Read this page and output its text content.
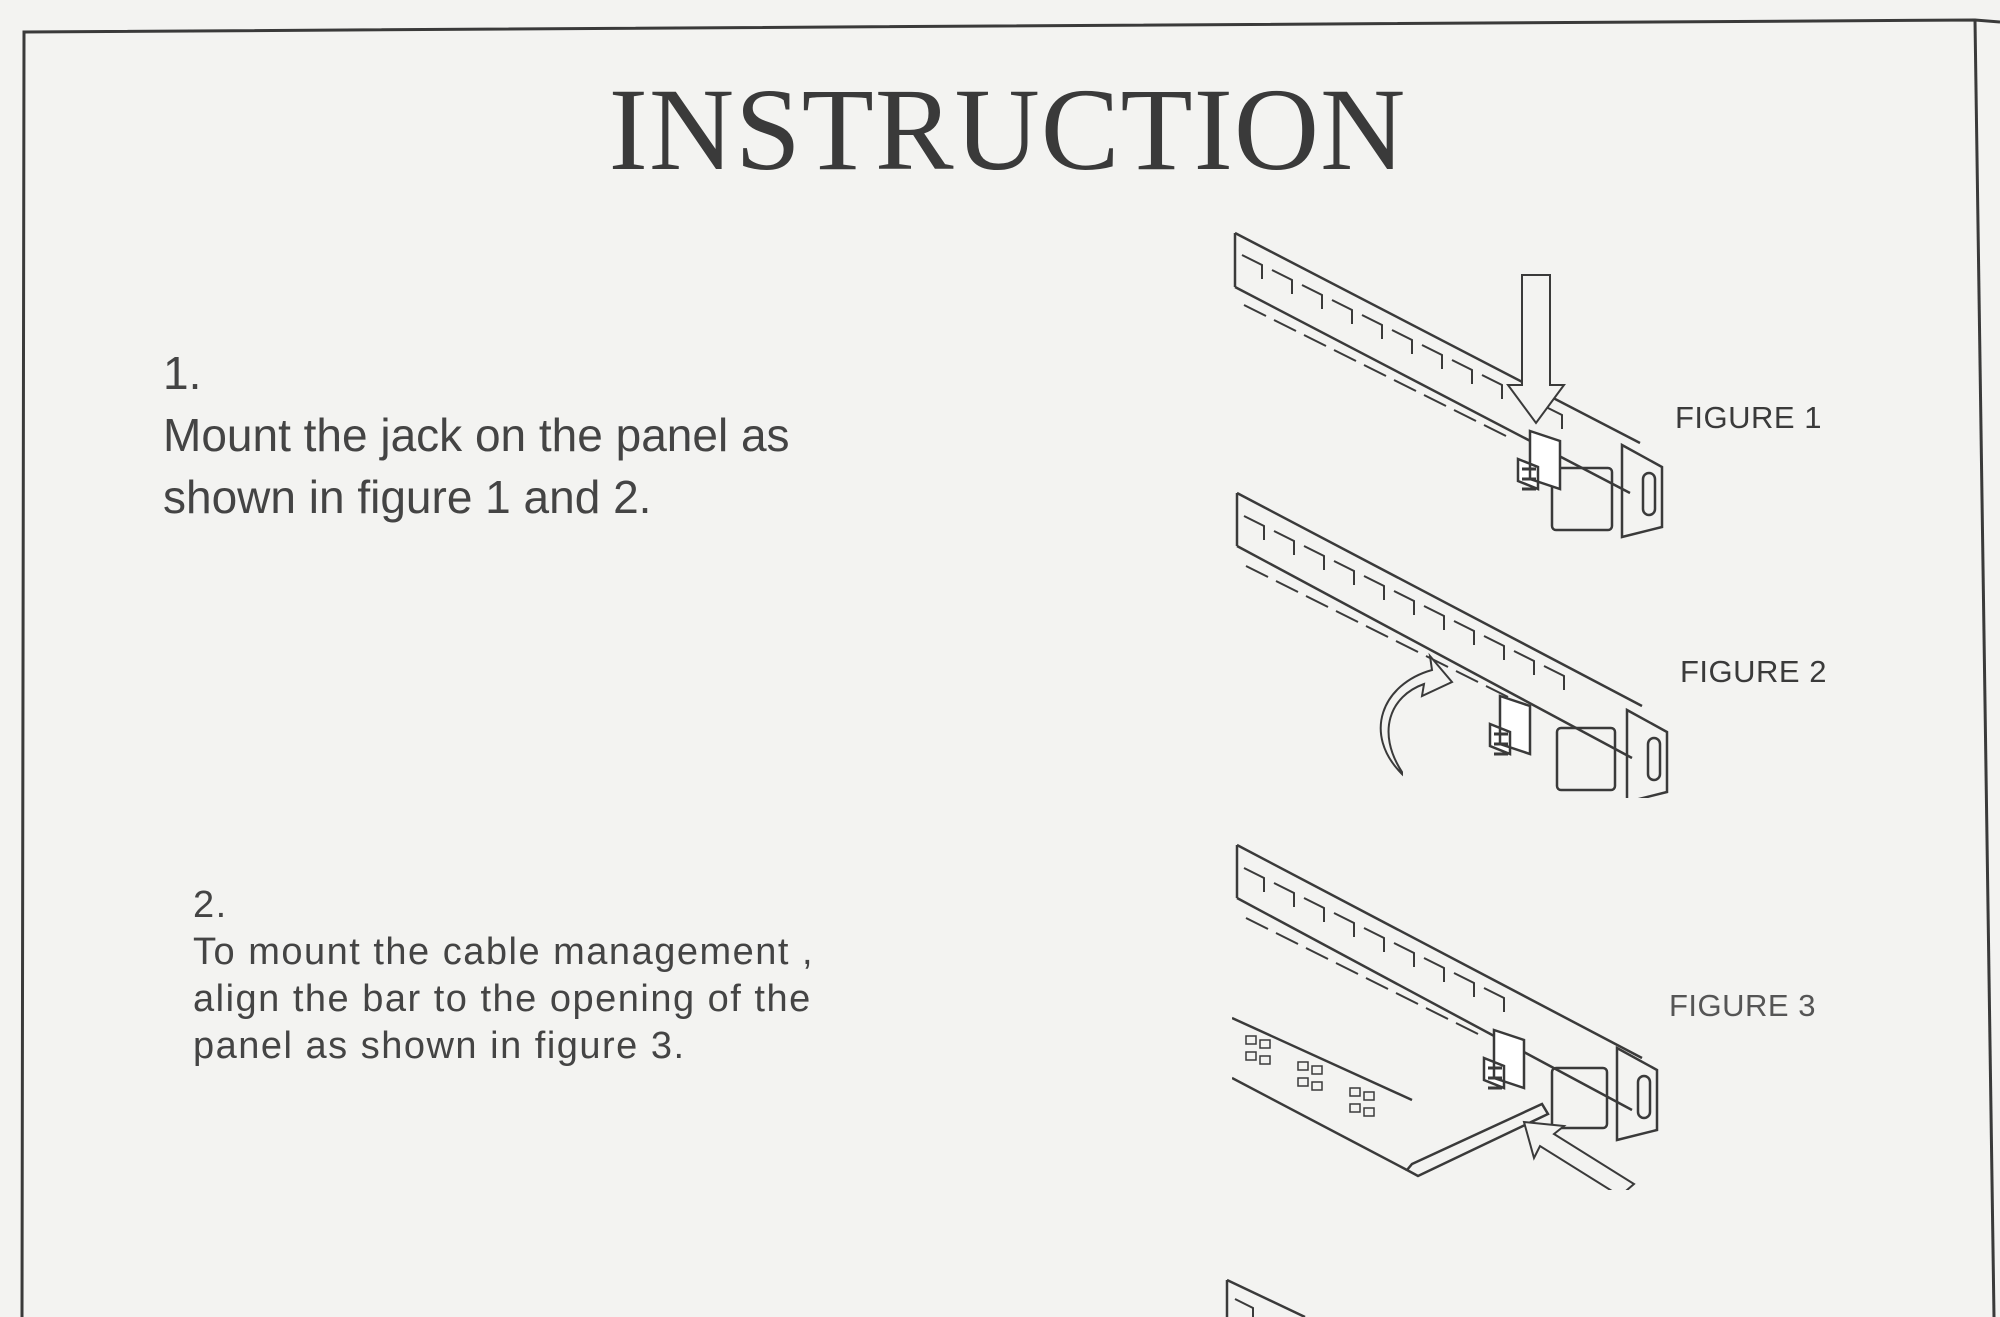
INSTRUCTION
1.
Mount the jack on the panel as
shown in figure 1 and 2.
2.
To mount the cable management ,
align the bar to the opening of the
panel as shown in figure 3.
FIGURE 1
FIGURE 2
FIGURE 3
